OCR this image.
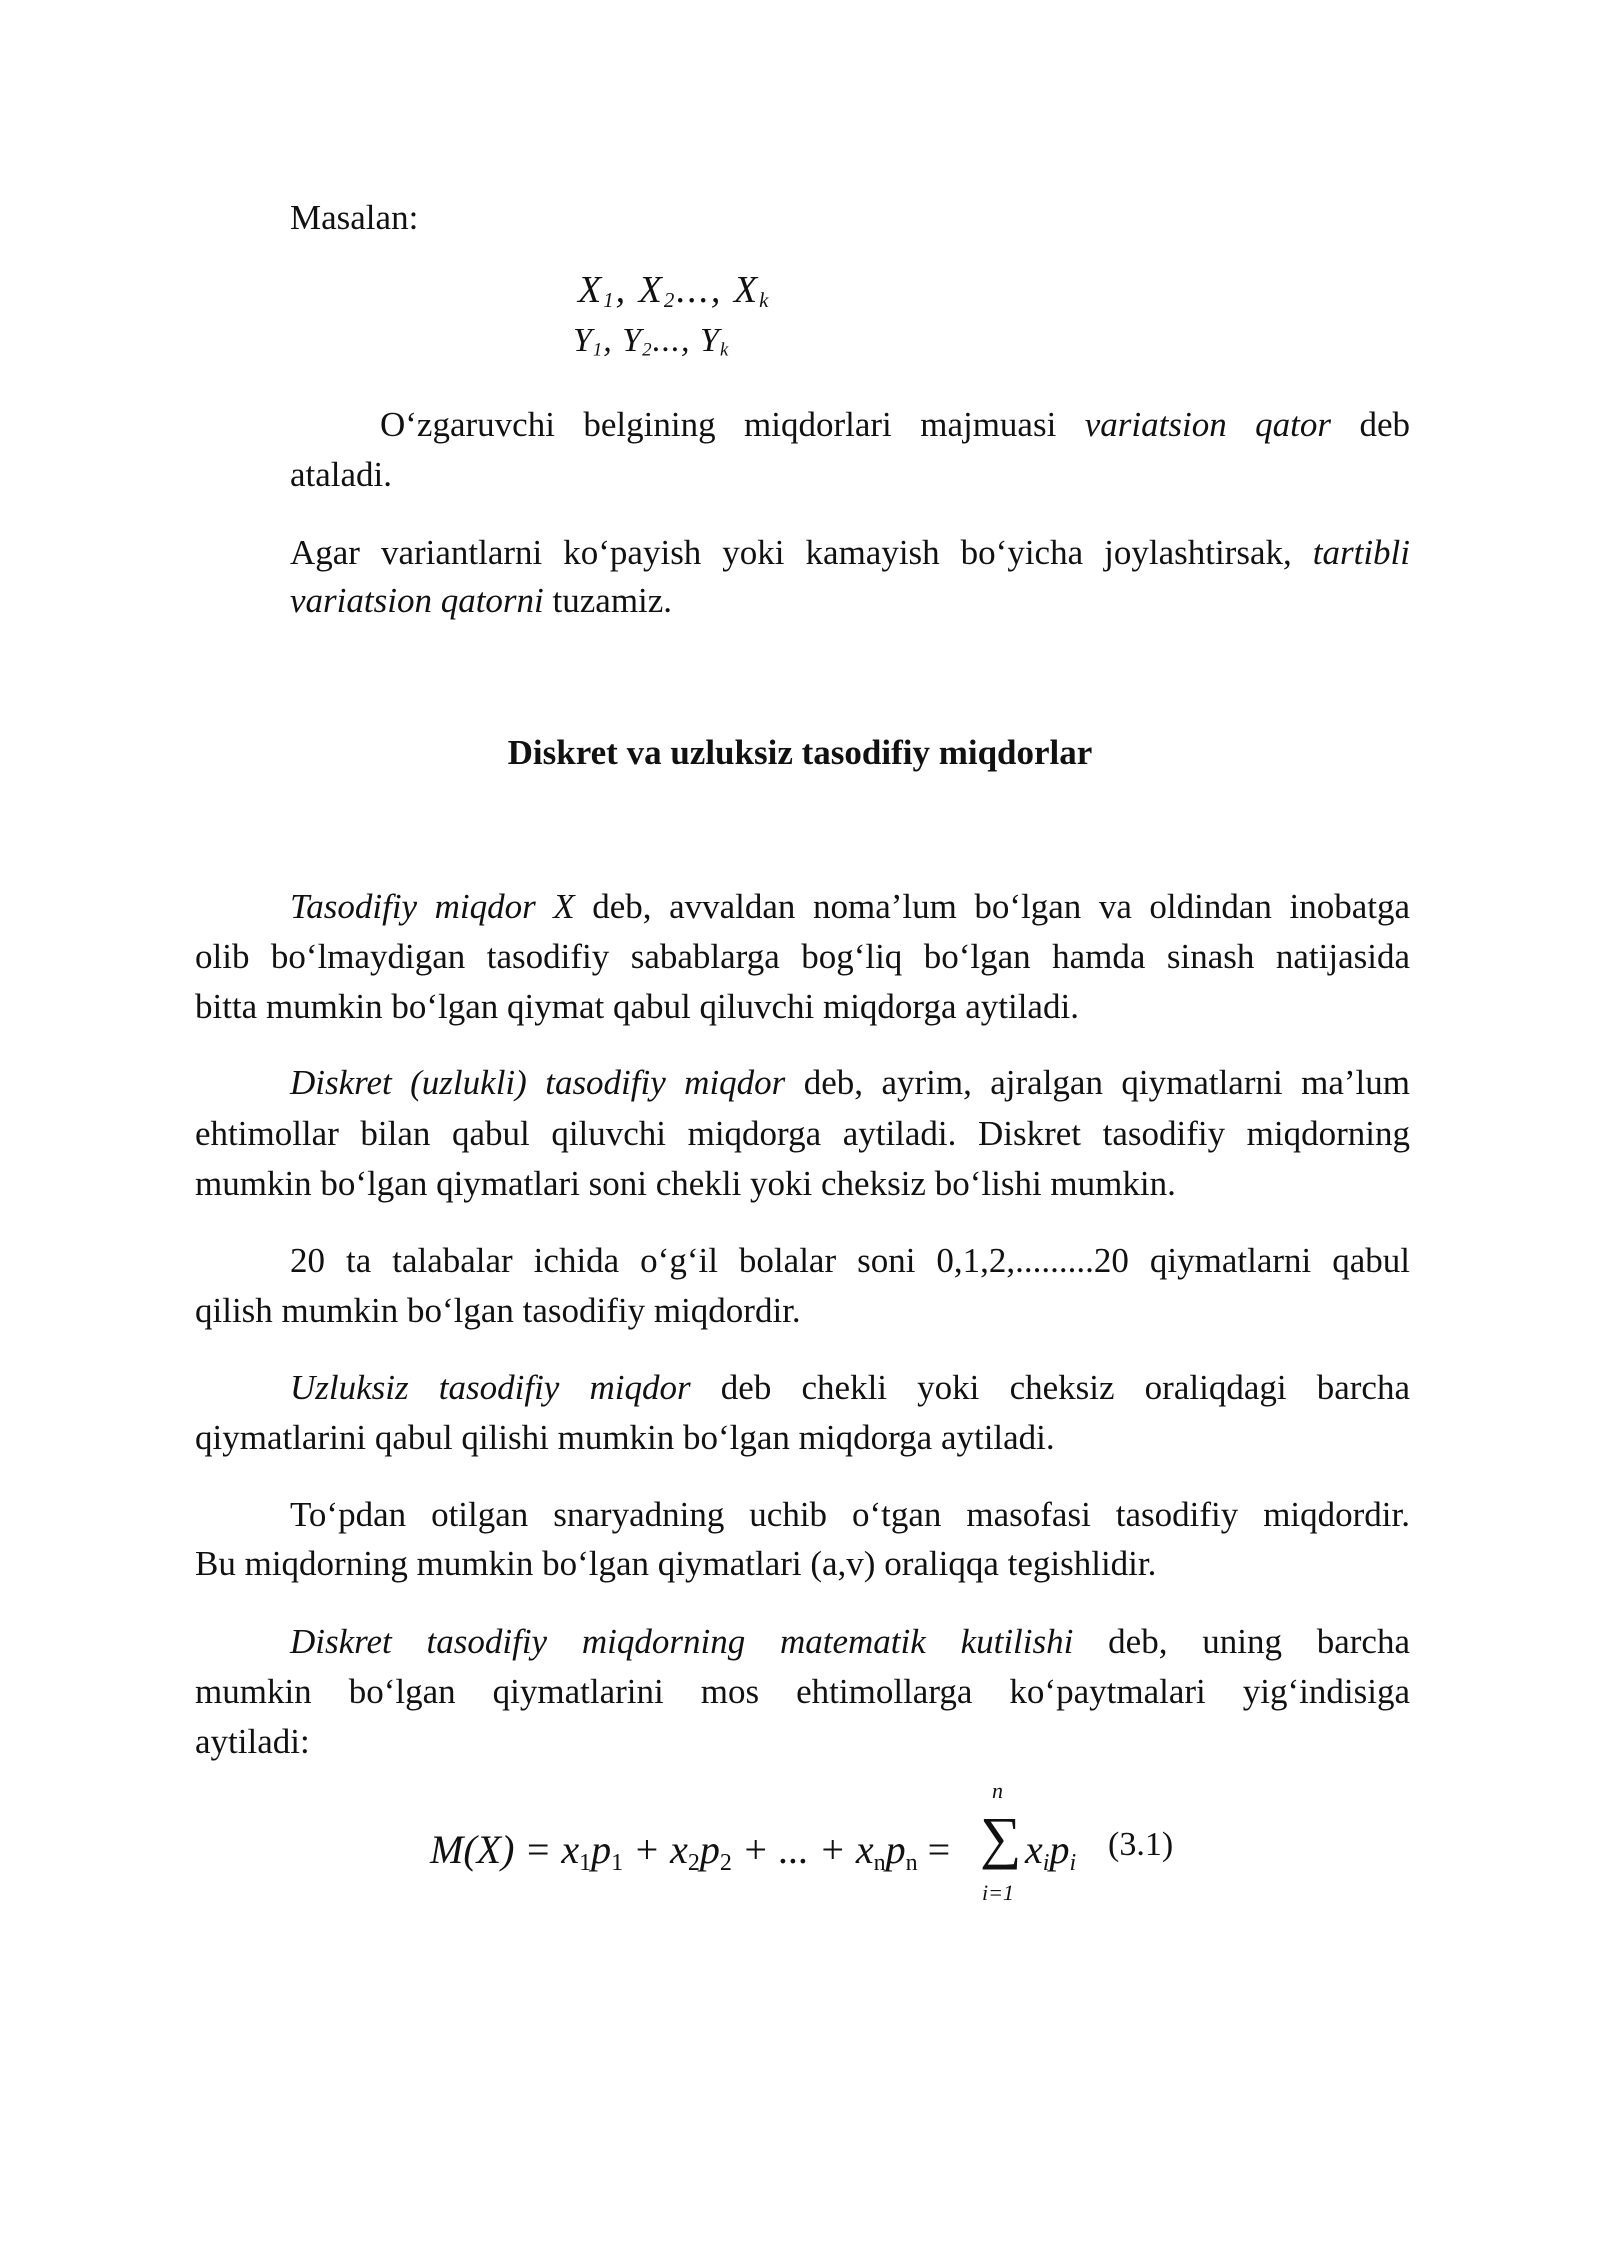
Masalan:
$X_1$, $X_2$..., $X_k$
$Y_1$, $Y_2$..., $Y_k$
O‘zgaruvchi belgining miqdorlari majmuasi variatsion qator deb
ataladi.
Agar variantlarni ko‘payish yoki kamayish bo‘yicha joylashtirsak, tartibli
variatsion qatorni tuzamiz.
Diskret va uzluksiz tasodifiy miqdorlar
Tasodifiy miqdor X deb, avvaldan noma’lum bo‘lgan va oldindan inobatga
olib bo‘lmaydigan tasodifiy sabablarga bog‘liq bo‘lgan hamda sinash natijasida
bitta mumkin bo‘lgan qiymat qabul qiluvchi miqdorga aytiladi.
Diskret (uzlukli) tasodifiy miqdor deb, ayrim, ajralgan qiymatlarni ma’lum
ehtimollar bilan qabul qiluvchi miqdorga aytiladi. Diskret tasodifiy miqdorning
mumkin bo‘lgan qiymatlari soni chekli yoki cheksiz bo‘lishi mumkin.
20 ta talabalar ichida o‘g‘il bolalar soni 0,1,2,.........20 qiymatlarni qabul
qilish mumkin bo‘lgan tasodifiy miqdordir.
Uzluksiz tasodifiy miqdor deb chekli yoki cheksiz oraliqdagi barcha
qiymatlarini qabul qilishi mumkin bo‘lgan miqdorga aytiladi.
To‘pdan otilgan snaryadning uchib o‘tgan masofasi tasodifiy miqdordir.
Bu miqdorning mumkin bo‘lgan qiymatlari (a,v) oraliqqa tegishlidir.
Diskret tasodifiy miqdorning matematik kutilishi deb, uning barcha
mumkin bo‘lgan qiymatlarini mos ehtimollarga ko‘paytmalari yig‘indisiga
aytiladi:
$M(X) = x_1p_1 + x_2p_2$ + ... + $x_np_n$ =
n
∑
i=1
$x_ip_i$
(3.1)
